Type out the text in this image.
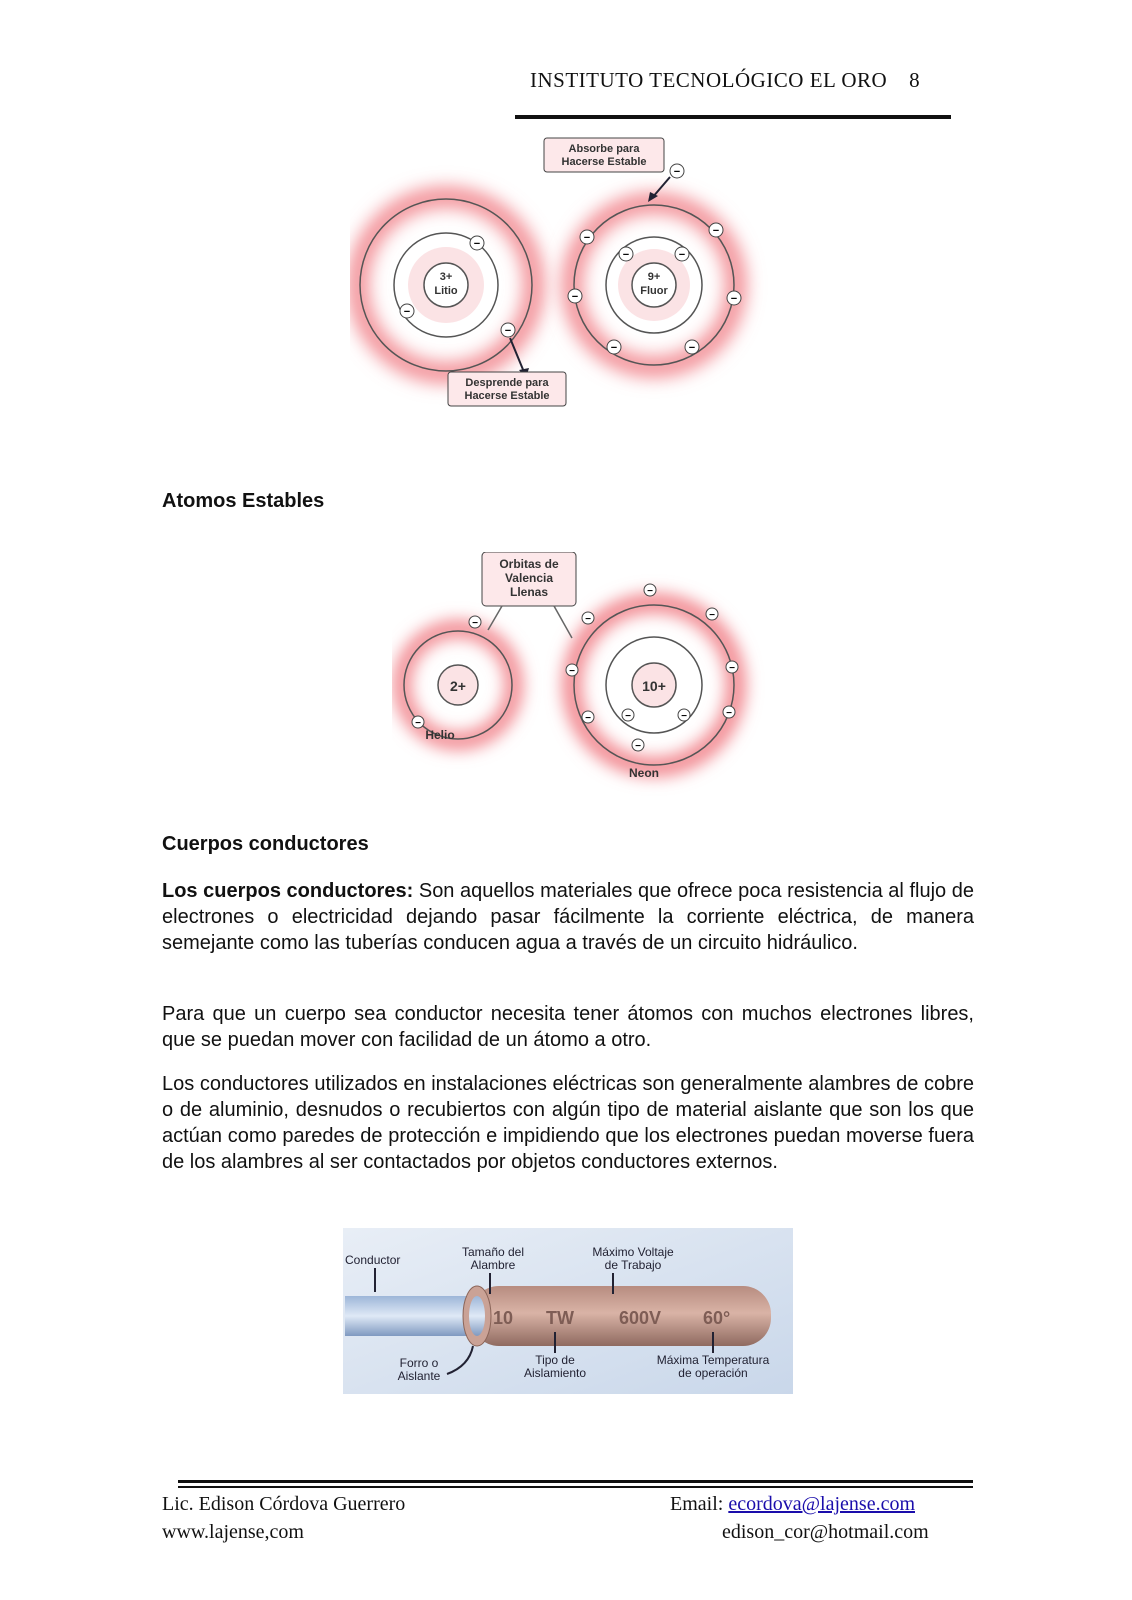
INSTITUTO TECNOLÓGICO EL ORO 8
3+
Litio
9+
Fluor
−
−
−
−
−
−
−	−
−	−
−	−
Absorbe para
Hacerse Estable
Desprende para
Hacerse Estable
Atomos Estables
2+	10+
−
−
−
−	−
−	−
−	−
−
−	−
Orbitas de
Valencia
Llenas
Helio
Neon
Cuerpos conductores
Los cuerpos conductores: Son aquellos materiales que ofrece poca resistencia al flujo de electrones o electricidad dejando pasar fácilmente la corriente eléctrica, de manera semejante como las tuberías conducen agua a través de un circuito hidráulico.
Para que un cuerpo sea conductor necesita tener átomos con muchos electrones libres, que se puedan mover con facilidad de un átomo a otro.
Los conductores utilizados en instalaciones eléctricas son generalmente alambres de cobre o de aluminio, desnudos o recubiertos con algún tipo de material aislante que son los que actúan como paredes de protección e impidiendo que los electrones puedan moverse fuera de los alambres al ser contactados por objetos conductores externos.
10 TW	600V 60°
Conductor
Tamaño del
Alambre
Máximo Voltaje
de Trabajo
Forro o
Aislante
Tipo de
Aislamiento
Máxima Temperatura
de operación
Lic. Edison Córdova Guerrero
www.lajense,com
Email: ecordova@lajense.com
edison_cor@hotmail.com
